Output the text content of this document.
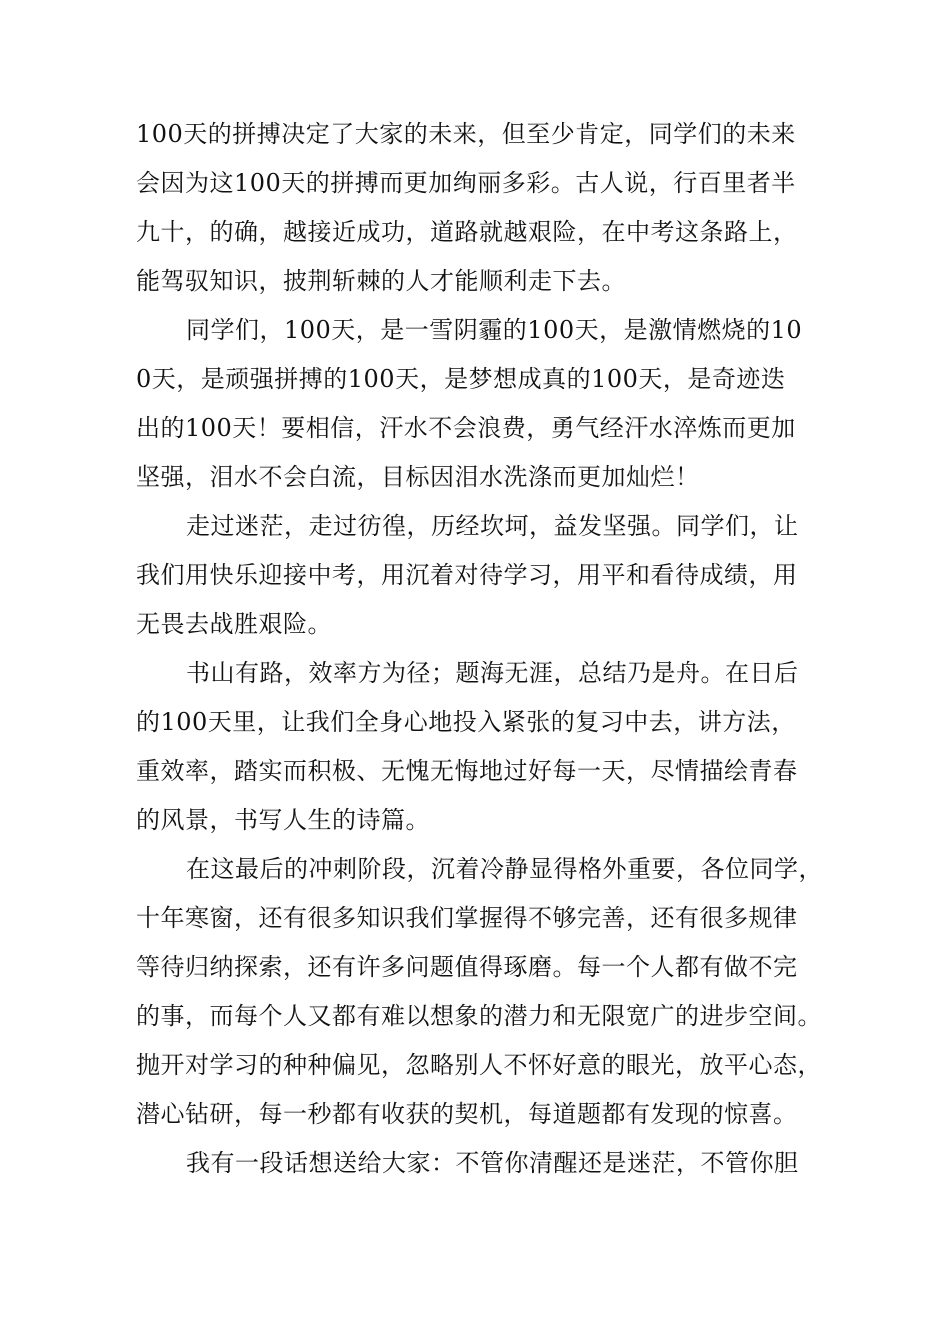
100天的拼搏决定了大家的未来，但至少肯定，同学们的未来
会因为这100天的拼搏而更加绚丽多彩。古人说，行百里者半
九十，的确，越接近成功，道路就越艰险，在中考这条路上，
能驾驭知识，披荆斩棘的人才能顺利走下去。
同学们，100天，是一雪阴霾的100天，是激情燃烧的10
0天，是顽强拼搏的100天，是梦想成真的100天，是奇迹迭
出的100天！要相信，汗水不会浪费，勇气经汗水淬炼而更加
坚强，泪水不会白流，目标因泪水洗涤而更加灿烂！
走过迷茫，走过彷徨，历经坎坷，益发坚强。同学们，让
我们用快乐迎接中考，用沉着对待学习，用平和看待成绩，用
无畏去战胜艰险。
书山有路，效率方为径；题海无涯，总结乃是舟。在日后
的100天里，让我们全身心地投入紧张的复习中去，讲方法，
重效率，踏实而积极、无愧无悔地过好每一天，尽情描绘青春
的风景，书写人生的诗篇。
在这最后的冲刺阶段，沉着冷静显得格外重要，各位同学，
十年寒窗，还有很多知识我们掌握得不够完善，还有很多规律
等待归纳探索，还有许多问题值得琢磨。每一个人都有做不完
的事，而每个人又都有难以想象的潜力和无限宽广的进步空间。
抛开对学习的种种偏见，忽略别人不怀好意的眼光，放平心态，
潜心钻研，每一秒都有收获的契机，每道题都有发现的惊喜。
我有一段话想送给大家：不管你清醒还是迷茫，不管你胆
